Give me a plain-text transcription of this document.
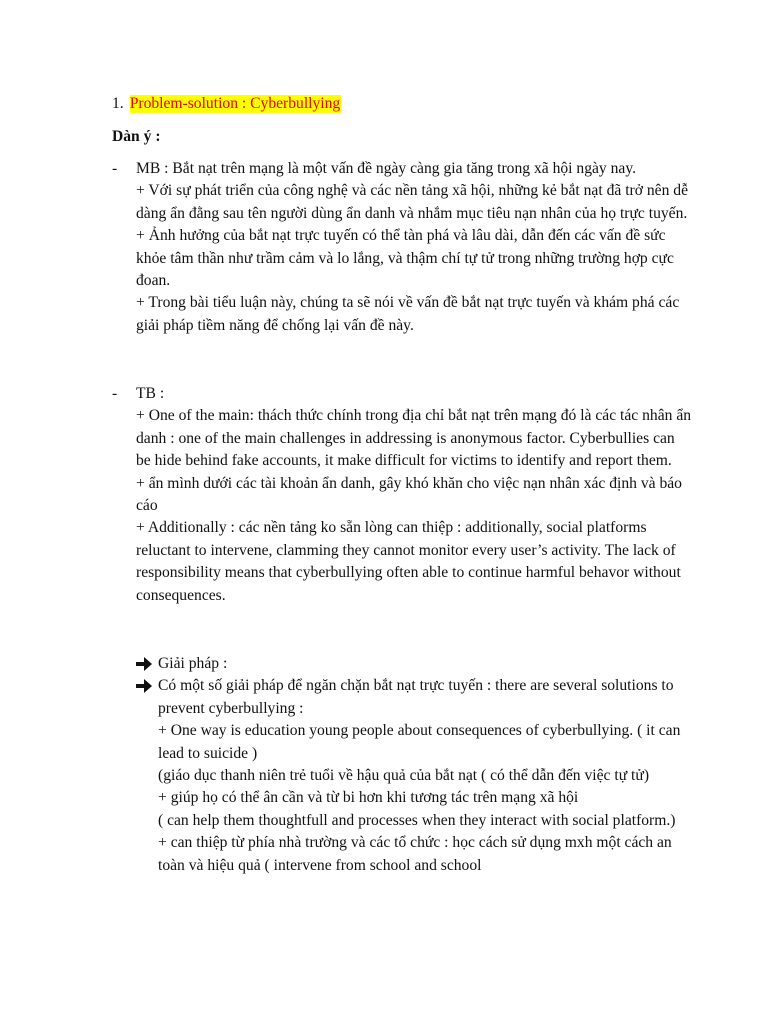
1. Problem-solution : Cyberbullying

Dàn ý :

-	MB : Bắt nạt trên mạng là một vấn đề ngày càng gia tăng trong xã hội ngày nay.

+ Với sự phát triển của công nghệ và các nền tảng xã hội, những kẻ bắt nạt đã trở nên dễ dàng ẩn đằng sau tên người dùng ẩn danh và nhắm mục tiêu nạn nhân của họ trực tuyến.

+ Ảnh hưởng của bắt nạt trực tuyến có thể tàn phá và lâu dài, dẫn đến các vấn đề sức khỏe tâm thần như trầm cảm và lo lắng, và thậm chí tự tử trong những trường hợp cực đoan.

+ Trong bài tiểu luận này, chúng ta sẽ nói về vấn đề bắt nạt trực tuyến và khám phá các giải pháp tiềm năng để chống lại vấn đề này.

-	TB :

+ One of the main: thách thức chính trong địa chỉ bắt nạt trên mạng đó là các tác nhân ẩn danh : one of the main challenges in addressing is anonymous factor. Cyberbullies can be hide behind fake accounts, it make difficult for victims to identify and report them.

+ ẩn mình dưới các tài khoản ẩn danh, gây khó khăn cho việc nạn nhân xác định và báo cáo

+ Additionally : các nền tảng ko sẵn lòng can thiệp : additionally, social platforms reluctant to intervene, clamming they cannot monitor every user’s activity. The lack of responsibility means that cyberbullying often able to continue harmful behavor without consequences.

Giải pháp :
Có một số giải pháp để ngăn chặn bắt nạt trực tuyến : there are several solutions to prevent cyberbullying :

+ One way is education young people about consequences of cyberbullying. ( it can lead to suicide )

(giáo dục thanh niên trẻ tuổi về hậu quả của bắt nạt ( có thể dẫn đến việc tự tử)

+ giúp họ có thể ân cần và từ bi hơn khi tương tác trên mạng xã hội

( can help them thoughtfull and processes when they interact with social platform.)

+ can thiệp từ phía nhà trường và các tổ chức : học cách sử dụng mxh một cách an toàn và hiệu quả ( intervene from school and school
